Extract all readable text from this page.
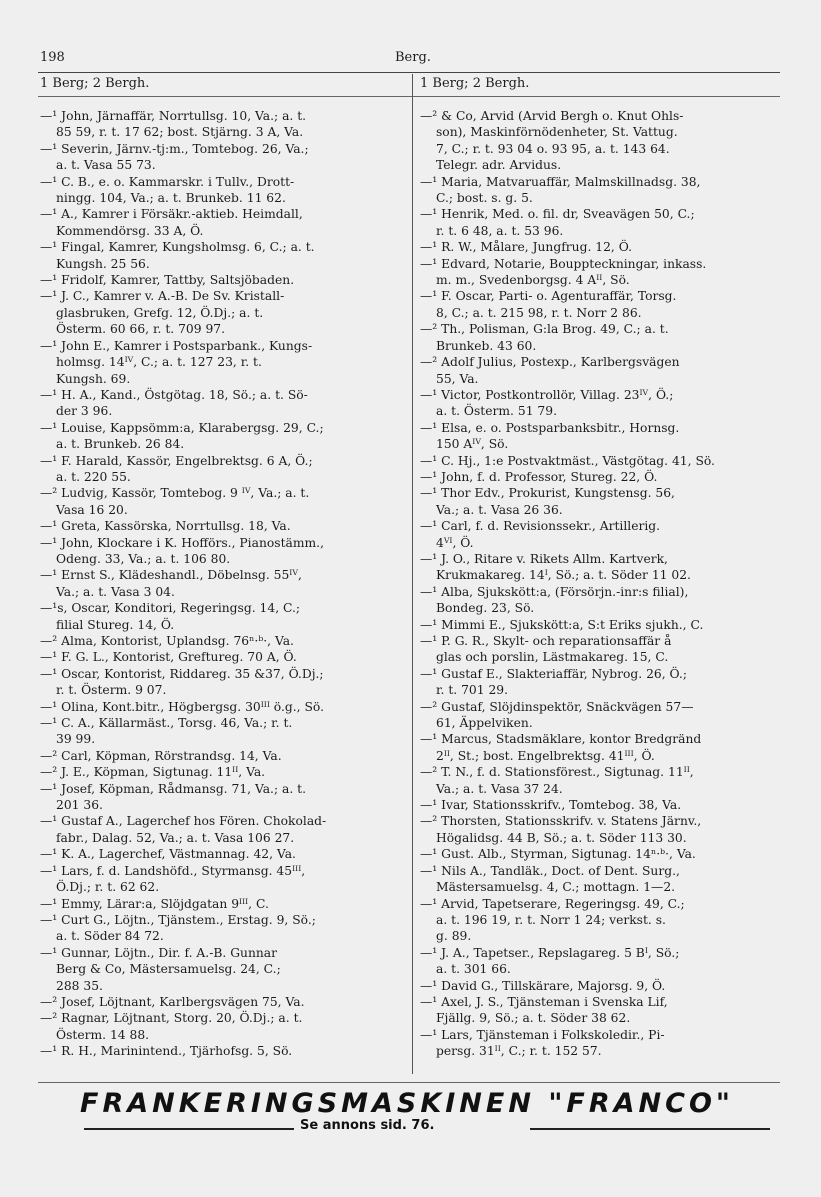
198	Berg.
1 Berg; 2 Bergh.	1 Berg; 2 Bergh.
—¹ John, Järnaffär, Norrtullsg. 10, Va.; a. t.
85 59, r. t. 17 62; bost. Stjärng. 3 A, Va.
—¹ Severin, Järnv.-tj:m., Tomtebog. 26, Va.;
a. t. Vasa 55 73.
—¹ C. B., e. o. Kammarskr. i Tullv., Drott-
ningg. 104, Va.; a. t. Brunkeb. 11 62.
—¹ A., Kamrer i Försäkr.-aktieb. Heimdall,
Kommendörsg. 33 A, Ö.
—¹ Fingal, Kamrer, Kungsholmsg. 6, C.; a. t.
Kungsh. 25 56.
—¹ Fridolf, Kamrer, Tattby, Saltsjöbaden.
—¹ J. C., Kamrer v. A.-B. De Sv. Kristall-
glasbruken, Grefg. 12, Ö.Dj.; a. t.
Österm. 60 66, r. t. 709 97.
—¹ John E., Kamrer i Postsparbank., Kungs-
holmsg. 14ᴵⱽ, C.; a. t. 127 23, r. t.
Kungsh. 69.
—¹ H. A., Kand., Östgötag. 18, Sö.; a. t. Sö-
der 3 96.
—¹ Louise, Kappsömm:a, Klarabergsg. 29, C.;
a. t. Brunkeb. 26 84.
—¹ F. Harald, Kassör, Engelbrektsg. 6 A, Ö.;
a. t. 220 55.
—² Ludvig, Kassör, Tomtebog. 9 ᴵⱽ, Va.; a. t.
Vasa 16 20.
—¹ Greta, Kassörska, Norrtullsg. 18, Va.
—¹ John, Klockare i K. Hofförs., Pianostämm.,
Odeng. 33, Va.; a. t. 106 80.
—¹ Ernst S., Klädeshandl., Döbelnsg. 55ᴵⱽ,
Va.; a. t. Vasa 3 04.
—¹s, Oscar, Konditori, Regeringsg. 14, C.;
filial Stureg. 14, Ö.
—² Alma, Kontorist, Uplandsg. 76ⁿ·ᵇ·, Va.
—¹ F. G. L., Kontorist, Greftureg. 70 A, Ö.
—¹ Oscar, Kontorist, Riddareg. 35 &37, Ö.Dj.;
r. t. Österm. 9 07.
—¹ Olina, Kont.bitr., Högbergsg. 30ᴵᴵᴵ ö.g., Sö.
—¹ C. A., Källarmäst., Torsg. 46, Va.; r. t.
39 99.
—² Carl, Köpman, Rörstrandsg. 14, Va.
—² J. E., Köpman, Sigtunag. 11ᴵᴵ, Va.
—¹ Josef, Köpman, Rådmansg. 71, Va.; a. t.
201 36.
—¹ Gustaf A., Lagerchef hos Fören. Chokolad-
fabr., Dalag. 52, Va.; a. t. Vasa 106 27.
—¹ K. A., Lagerchef, Västmannag. 42, Va.
—¹ Lars, f. d. Landshöfd., Styrmansg. 45ᴵᴵᴵ,
Ö.Dj.; r. t. 62 62.
—¹ Emmy, Lärar:a, Slöjdgatan 9ᴵᴵᴵ, C.
—¹ Curt G., Löjtn., Tjänstem., Erstag. 9, Sö.;
a. t. Söder 84 72.
—¹ Gunnar, Löjtn., Dir. f. A.-B. Gunnar
Berg & Co, Mästersamuelsg. 24, C.;
288 35.
—² Josef, Löjtnant, Karlbergsvägen 75, Va.
—² Ragnar, Löjtnant, Storg. 20, Ö.Dj.; a. t.
Österm. 14 88.
—¹ R. H., Marinintend., Tjärhofsg. 5, Sö.
—² & Co, Arvid (Arvid Bergh o. Knut Ohls-
son), Maskinförnödenheter, St. Vattug.
7, C.; r. t. 93 04 o. 93 95, a. t. 143 64.
Telegr. adr. Arvidus.
—¹ Maria, Matvaruaffär, Malmskillnadsg. 38,
C.; bost. s. g. 5.
—¹ Henrik, Med. o. fil. dr, Sveavägen 50, C.;
r. t. 6 48, a. t. 53 96.
—¹ R. W., Målare, Jungfrug. 12, Ö.
—¹ Edvard, Notarie, Bouppteckningar, inkass.
m. m., Svedenborgsg. 4 Aᴵᴵ, Sö.
—¹ F. Oscar, Parti- o. Agenturaffär, Torsg.
8, C.; a. t. 215 98, r. t. Norr 2 86.
—² Th., Polisman, G:la Brog. 49, C.; a. t.
Brunkeb. 43 60.
—² Adolf Julius, Postexp., Karlbergsvägen
55, Va.
—¹ Victor, Postkontrollör, Villag. 23ᴵⱽ, Ö.;
a. t. Österm. 51 79.
—¹ Elsa, e. o. Postsparbanksbitr., Hornsg.
150 Aᴵⱽ, Sö.
—¹ C. Hj., 1:e Postvaktmäst., Västgötag. 41, Sö.
—¹ John, f. d. Professor, Stureg. 22, Ö.
—¹ Thor Edv., Prokurist, Kungstensg. 56,
Va.; a. t. Vasa 26 36.
—¹ Carl, f. d. Revisionssekr., Artillerig.
4ⱽᴵ, Ö.
—¹ J. O., Ritare v. Rikets Allm. Kartverk,
Krukmakareg. 14ᴵ, Sö.; a. t. Söder 11 02.
—¹ Alba, Sjukskött:a, (Försörjn.-inr:s filial),
Bondeg. 23, Sö.
—¹ Mimmi E., Sjukskött:a, S:t Eriks sjukh., C.
—¹ P. G. R., Skylt- och reparationsaffär å
glas och porslin, Lästmakareg. 15, C.
—¹ Gustaf E., Slakteriaffär, Nybrog. 26, Ö.;
r. t. 701 29.
—² Gustaf, Slöjdinspektör, Snäckvägen 57—
61, Äppelviken.
—¹ Marcus, Stadsmäklare, kontor Bredgränd
2ᴵᴵ, St.; bost. Engelbrektsg. 41ᴵᴵᴵ, Ö.
—² T. N., f. d. Stationsförest., Sigtunag. 11ᴵᴵ,
Va.; a. t. Vasa 37 24.
—¹ Ivar, Stationsskrifv., Tomtebog. 38, Va.
—² Thorsten, Stationsskrifv. v. Statens Järnv.,
Högalidsg. 44 B, Sö.; a. t. Söder 113 30.
—¹ Gust. Alb., Styrman, Sigtunag. 14ⁿ·ᵇ·, Va.
—¹ Nils A., Tandläk., Doct. of Dent. Surg.,
Mästersamuelsg. 4, C.; mottagn. 1—2.
—¹ Arvid, Tapetserare, Regeringsg. 49, C.;
a. t. 196 19, r. t. Norr 1 24; verkst. s.
g. 89.
—¹ J. A., Tapetser., Repslagareg. 5 Bᴵ, Sö.;
a. t. 301 66.
—¹ David G., Tillskärare, Majorsg. 9, Ö.
—¹ Axel, J. S., Tjänsteman i Svenska Lif,
Fjällg. 9, Sö.; a. t. Söder 38 62.
—¹ Lars, Tjänsteman i Folkskoledir., Pi-
persg. 31ᴵᴵ, C.; r. t. 152 57.
FRANKERINGSMASKINEN "FRANCO"
Se annons sid. 76.
